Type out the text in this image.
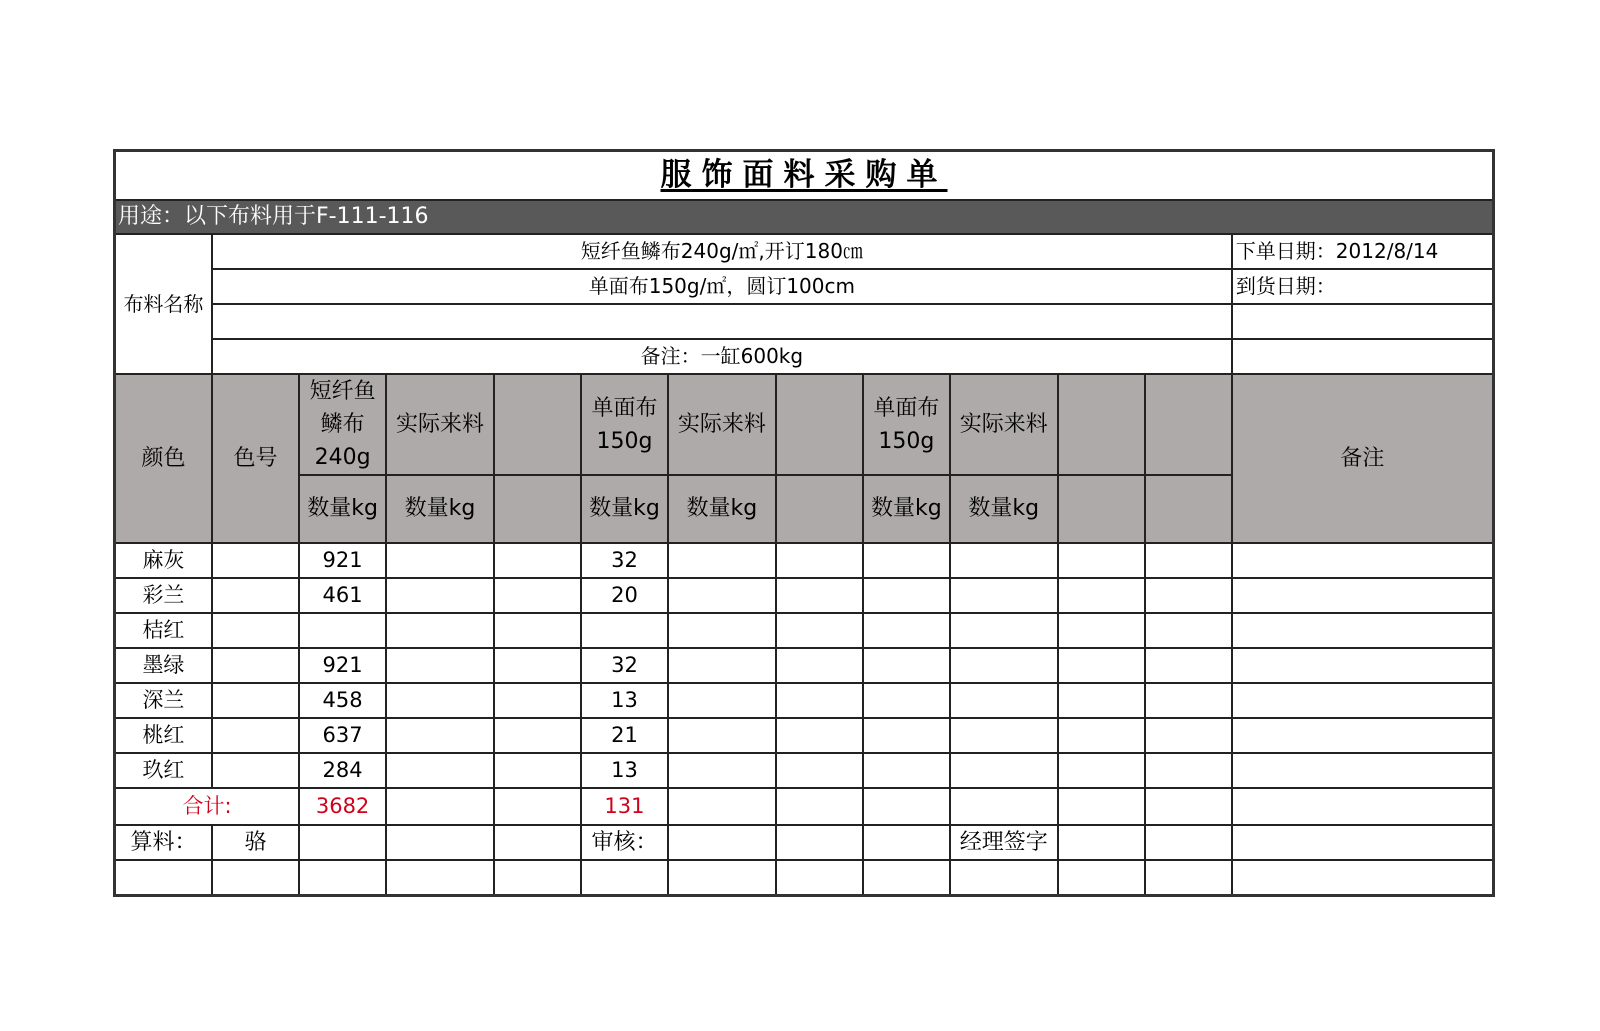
服饰面料采购单												
用途：以下布料用于F-111-116												
布料名称	短纤鱼鳞布240g/㎡,开订180㎝											下单日期：2012/8/14
	单面布150g/㎡，圆订100cm											到货日期：

	备注：一缸600kg											
颜色	色号	短纤鱼鳞布240g	实际来料		单面布150g	实际来料		单面布150g	实际来料			备注
		数量kg	数量kg		数量kg	数量kg		数量kg	数量kg			
麻灰		921			32							
彩兰		461			20							
桔红												
墨绿		921			32							
深兰		458			13							
桃红		637			21							
玖红		284			13							
合计:		3682			131							
算料：	骆				审核：				经理签字			
